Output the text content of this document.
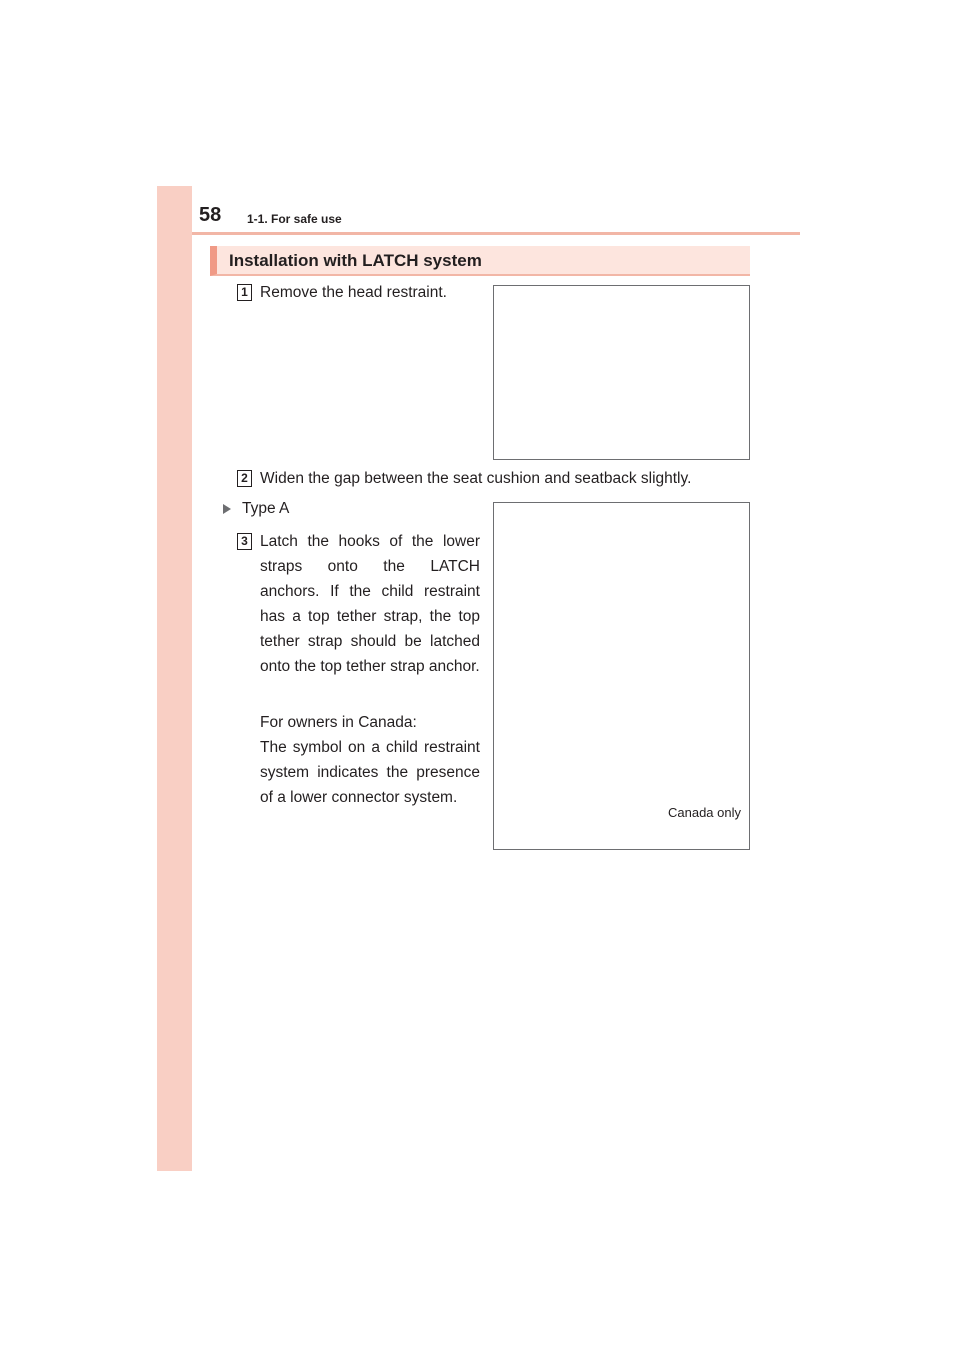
58 1-1. For safe use
Installation with LATCH system
1 Remove the head restraint.
2 Widen the gap between the seat cushion and seatback slightly.
Type A
3 Latch the hooks of the lower straps onto the LATCH anchors. If the child restraint has a top tether strap, the top tether strap should be latched onto the top tether strap anchor.
For owners in Canada:
The symbol on a child restraint system indicates the presence of a lower connector system.
Canada only
